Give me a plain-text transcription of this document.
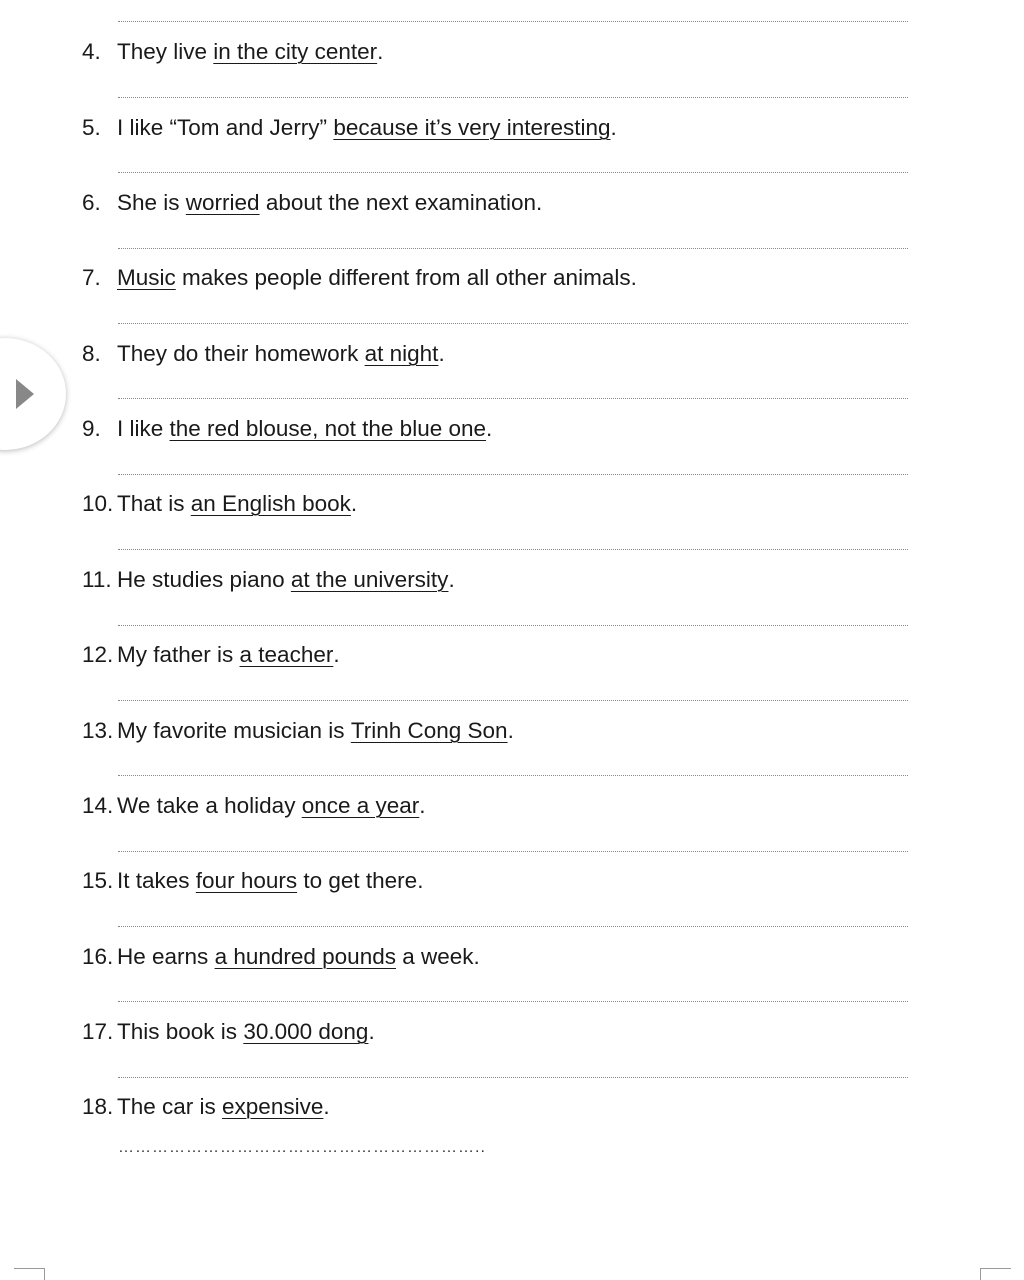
4. They live in the city center .
5. I like “Tom and Jerry” because it’s very interesting .
6. She is worried about the next examination.
7. Music makes people different from all other animals.
8. They do their homework at night .
9. I like the red blouse, not the blue one .
10. That is an English book .
11. He studies piano at the university .
12. My father is a teacher .
13. My favorite musician is Trinh Cong Son .
14. We take a holiday once a year .
15. It takes four hours to get there.
16. He earns a hundred pounds a week.
17. This book is 30.000 dong .
18. The car is expensive .
………………………………………………………..
